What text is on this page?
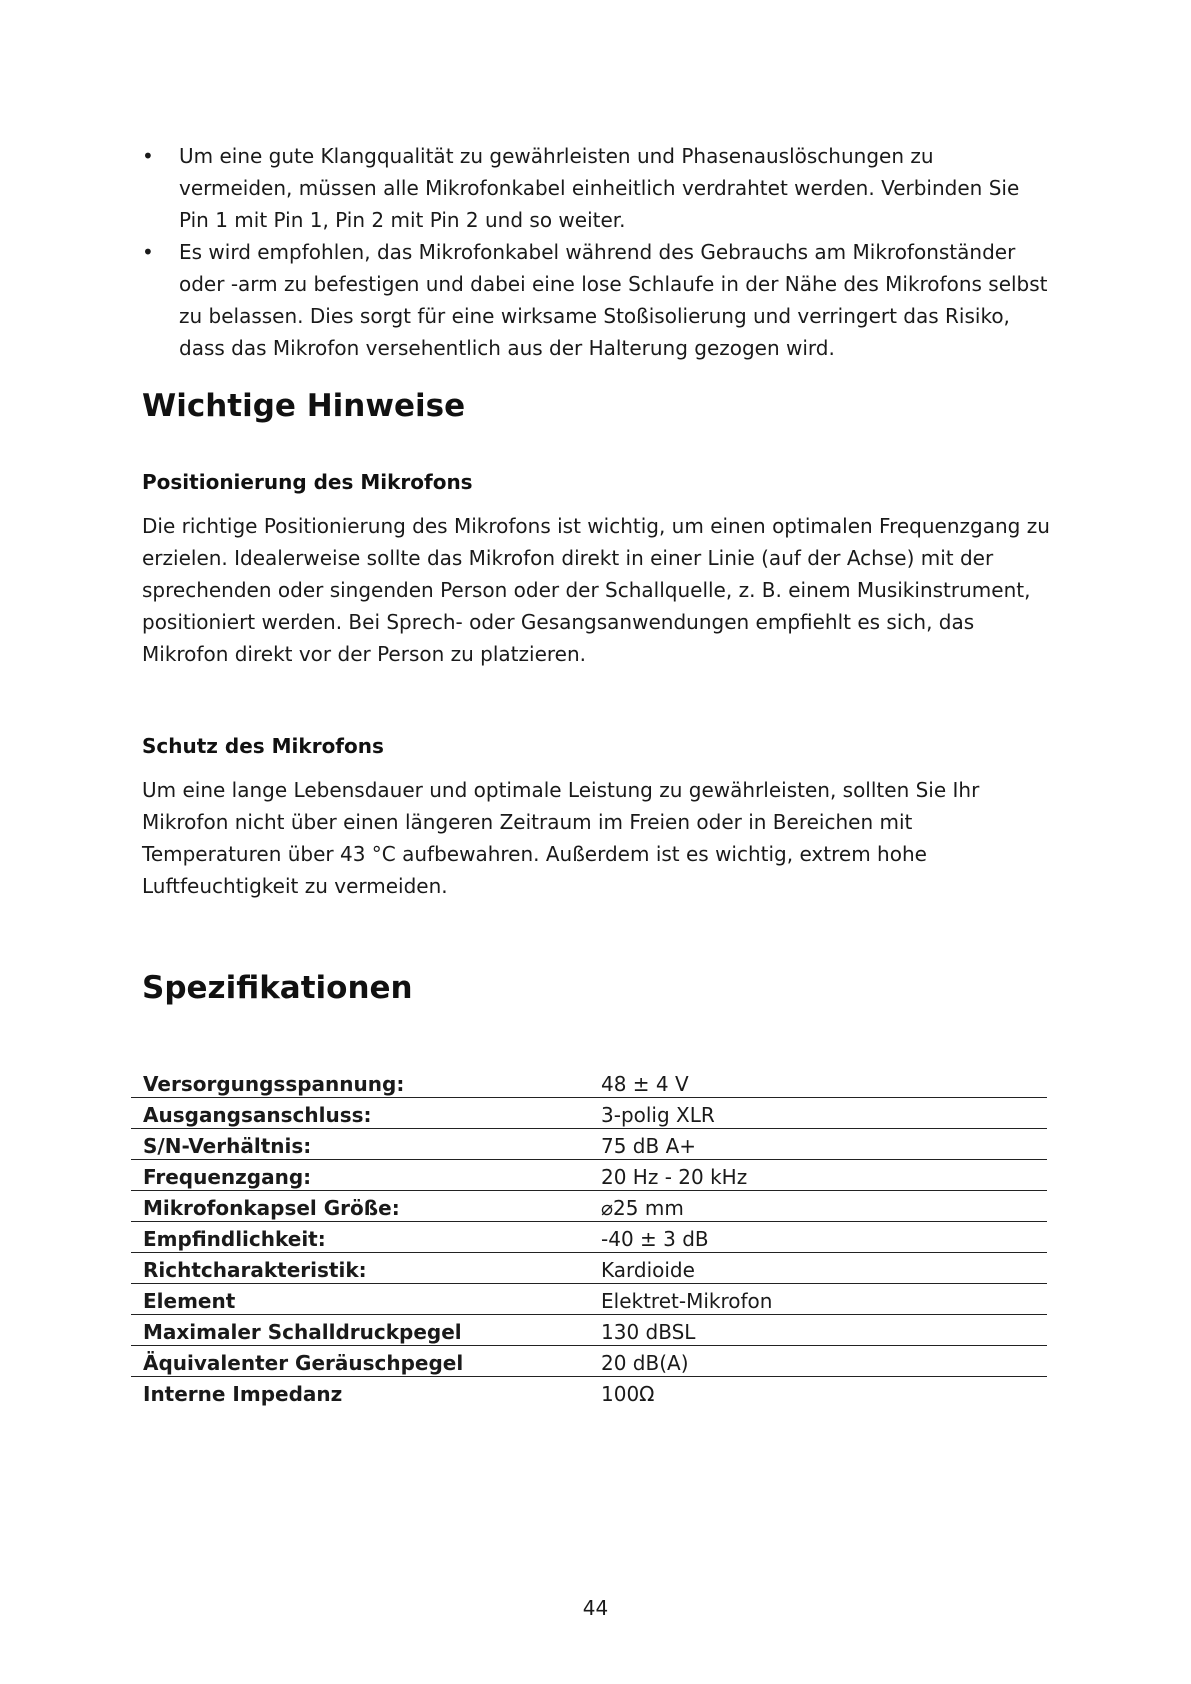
•	Um eine gute Klangqualität zu gewährleisten und Phasenauslöschungen zu vermeiden, müssen alle Mikrofonkabel einheitlich verdrahtet werden. Verbinden Sie Pin 1 mit Pin 1, Pin 2 mit Pin 2 und so weiter.
•	Es wird empfohlen, das Mikrofonkabel während des Gebrauchs am Mikrofonständer oder -arm zu befestigen und dabei eine lose Schlaufe in der Nähe des Mikrofons selbst zu belassen. Dies sorgt für eine wirksame Stoßisolierung und verringert das Risiko, dass das Mikrofon versehentlich aus der Halterung gezogen wird.
Wichtige Hinweise
Positionierung des Mikrofons

Die richtige Positionierung des Mikrofons ist wichtig, um einen optimalen Frequenzgang zu erzielen. Idealerweise sollte das Mikrofon direkt in einer Linie (auf der Achse) mit der sprechenden oder singenden Person oder der Schallquelle, z. B. einem Musikinstrument, positioniert werden. Bei Sprech- oder Gesangsanwendungen empfiehlt es sich, das Mikrofon direkt vor der Person zu platzieren.

Schutz des Mikrofons

Um eine lange Lebensdauer und optimale Leistung zu gewährleisten, sollten Sie Ihr Mikrofon nicht über einen längeren Zeitraum im Freien oder in Bereichen mit Temperaturen über 43 °C aufbewahren. Außerdem ist es wichtig, extrem hohe Luftfeuchtigkeit zu vermeiden.

Spezifikationen
Versorgungsspannung:	48 ± 4 V
Ausgangsanschluss:	3-polig XLR
S/N-Verhältnis:	75 dB A+
Frequenzgang:	20 Hz - 20 kHz
Mikrofonkapsel Größe:	⌀25 mm
Empfindlichkeit:	-40 ± 3 dB
Richtcharakteristik:	Kardioide
Element	Elektret-Mikrofon
Maximaler Schalldruckpegel	130 dBSL
Äquivalenter Geräuschpegel	20 dB(A)
Interne Impedanz	100Ω
44
